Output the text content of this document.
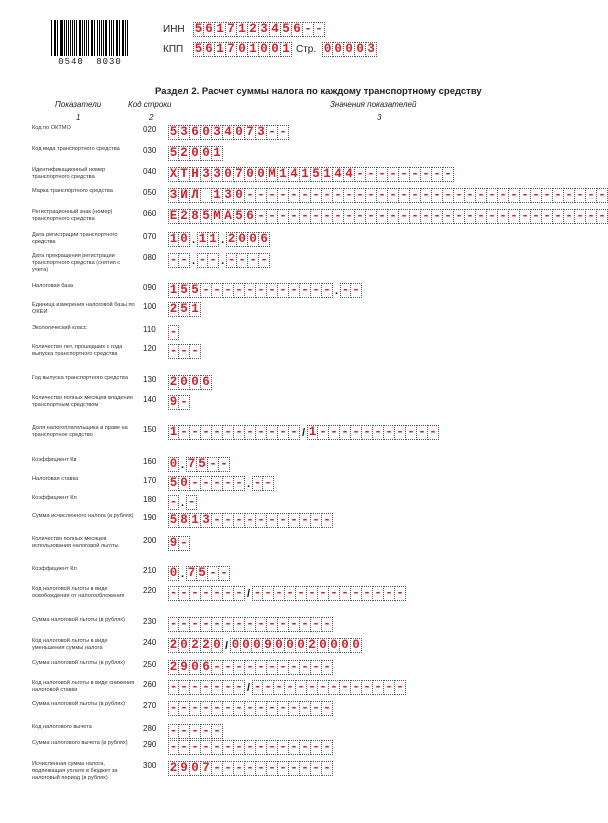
0540 8030
ИНН 5 6 1 7 1 2 3 4 5 6 - -
КПП 5 6 1 7 0 1 0 0 1 Стр. 0 0 0 0 3
Раздел 2. Расчет суммы налога по каждому транспортному средству
Показатели	Код строки	Значения показателей
1	2	3
Код по ОКТМО	020	5 3 6 0 3 4 0 7 3 - -
Код вида транспортного средства	030	5 2 0 0 1
Идентификационный номер транспортного средства
040	Х Т Н 3 3 0 7 0 0 М 1 4 1 5 1 4 4 - - - - - - - - -
Марка транспортного средства	050	З И Л 1 3 0 - - - - - - - - - - - - - - - - - - - - - - - - - - - - - - - - -
Регистрационный знак (номер) транспортного средства
060	Е 2 8 5 М А 5 6 - - - - - - - - - - - - - - - - - - - - - - - - - - - - - - - -
Дата регистрации транспортного средства
070	1 0 . 1 1 . 2 0 0 6
Дата прекращения регистрации транспортного средства (снятия с учета)
080	- - . - - . - - - -
Налоговая база	090	1 5 5 - - - - - - - - - - - - . - -
Единица измерения налоговой базы по ОКЕИ
100	2 5 1
Экологический класс	110	-
Количество лет, прошедших с года выпуска транспортного средства
120	- - -
Год выпуска транспортного средства	130	2 0 0 6
Количество полных месяцев владения транспортным средством
140	9 -
Доля налогоплательщика в праве на транспортное средство
150	1 - - - - - - - - - - - / 1 - - - - - - - - - - -
Коэффициент Кв	160	0 . 7 5 - -
Налоговая ставка	170	5 0 - - - - - . - -
Коэффициент Кл	180	- . -
Сумма исчисленного налога (в рублях)	190	5 8 1 3 - - - - - - - - - - -
Количество полных месяцев использования налоговой льготы
200	9 -
Коэффициент Кл	210	0 . 7 5 - -
Код налоговой льготы в виде освобождения от налогообложения
220	- - - - - - - / - - - - - - - - - - - - - -
Сумма налоговой льготы (в рублях)	230	- - - - - - - - - - - - - - -
Код налоговой льготы в виде уменьшения суммы налога
240	2 0 2 2 0 / 0 0 0 9 0 0 0 2 0 0 0 0
Сумма налоговой льготы (в рублях)	250	2 9 0 6 - - - - - - - - - - -
Код налоговой льготы в виде снижения налоговой ставки
260	- - - - - - - / - - - - - - - - - - - - - -
Сумма налоговой льготы (в рублях)	270	- - - - - - - - - - - - - - -
Код налогового вычета	280	- - - - -
Сумма налогового вычета (в рублях)	290	- - - - - - - - - - - - - - -
Исчисленная сумма налога, подлежащая уплате в бюджет за налоговый период (в рублях)
300	2 9 0 7 - - - - - - - - - - -
